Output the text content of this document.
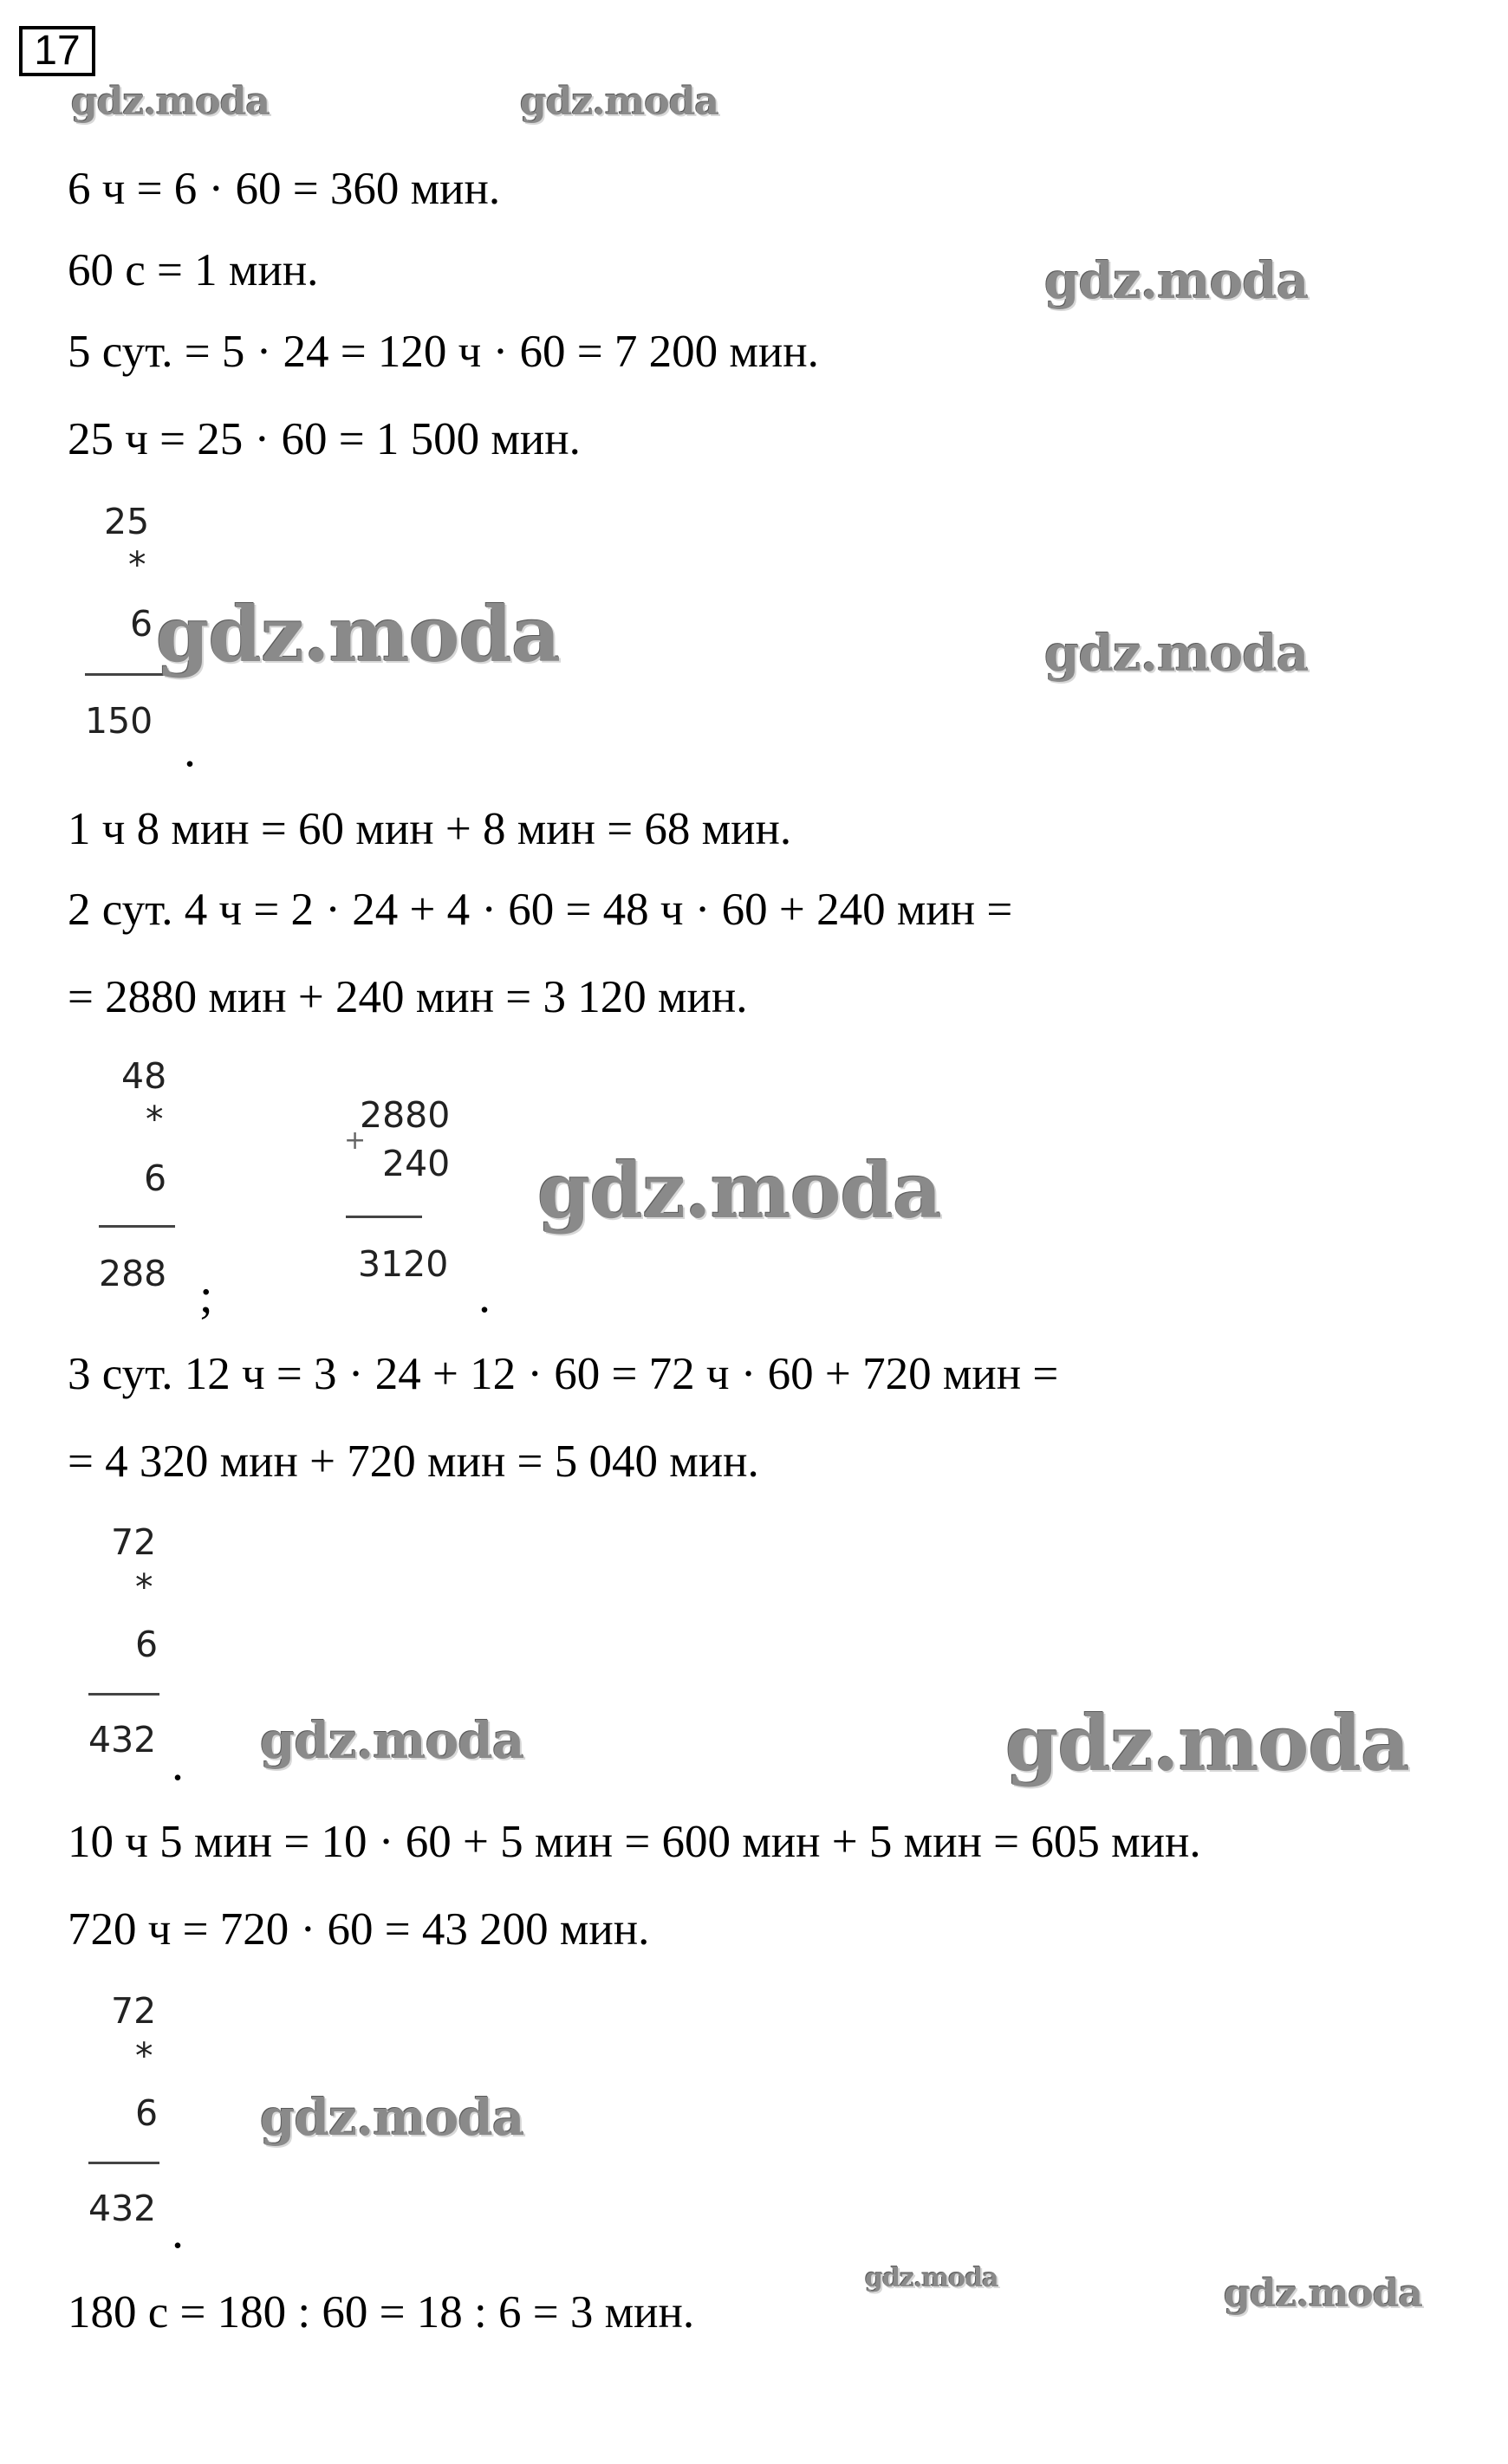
17
6 ч = 6 · 60 = 360 мин.
60 с = 1 мин.
5 сут. = 5 · 24 = 120 ч · 60 = 7 200 мин.
25 ч = 25 · 60 = 1 500 мин.
25
*
6
150
.
1 ч 8 мин = 60 мин + 8 мин = 68 мин.
2 сут. 4 ч = 2 · 24 + 4 · 60 = 48 ч · 60 + 240 мин =
= 2880 мин + 240 мин = 3 120 мин.
48
*
6
288 ;
2880
+
240
3120
.
3 сут. 12 ч = 3 · 24 + 12 · 60 = 72 ч · 60 + 720 мин =
= 4 320 мин + 720 мин = 5 040 мин.
72
*
6
432 .
10 ч 5 мин = 10 · 60 + 5 мин = 600 мин + 5 мин = 605 мин.
720 ч = 720 · 60 = 43 200 мин.
72
*
6
432 .
180 с = 180 : 60 = 18 : 6 = 3 мин.
gdz.moda	gdz.moda
gdz.moda
gdz.moda	gdz.moda
gdz.moda
gdz.moda	gdz.moda
gdz.moda
gdz.moda	gdz.moda
